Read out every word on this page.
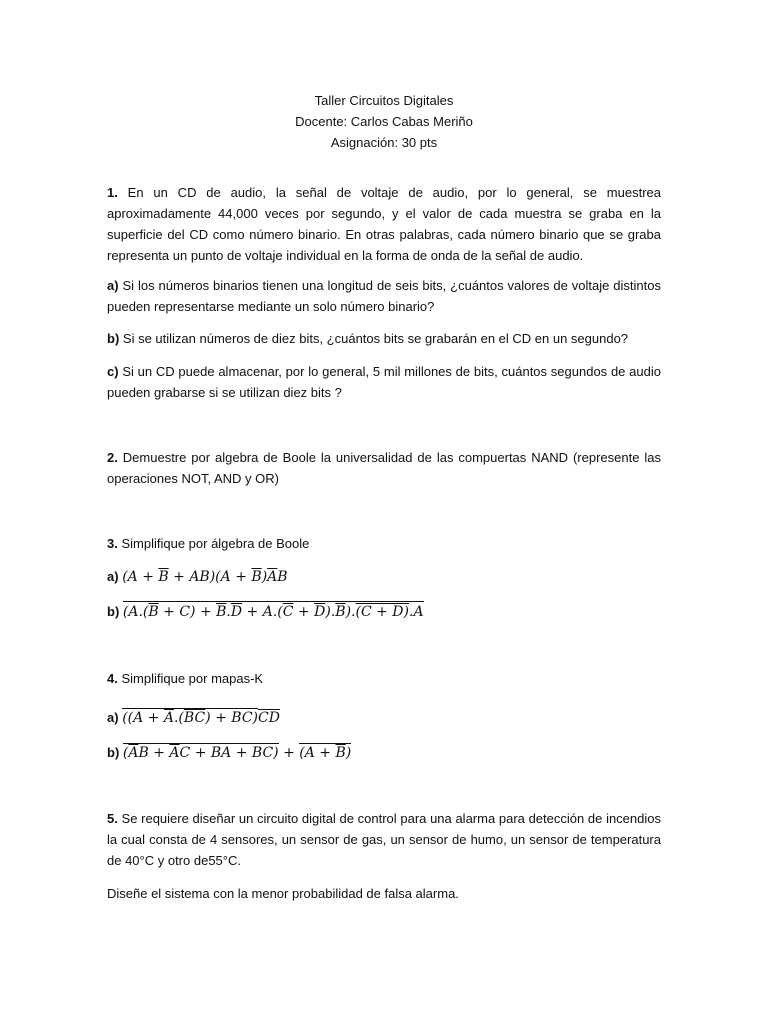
Taller Circuitos Digitales
Docente: Carlos Cabas Meriño
Asignación: 30 pts
1. En un CD de audio, la señal de voltaje de audio, por lo general, se muestrea aproximadamente 44,000 veces por segundo, y el valor de cada muestra se graba en la superficie del CD como número binario. En otras palabras, cada número binario que se graba representa un punto de voltaje individual en la forma de onda de la señal de audio.
a) Si los números binarios tienen una longitud de seis bits, ¿cuántos valores de voltaje distintos pueden representarse mediante un solo número binario?
b) Si se utilizan números de diez bits, ¿cuántos bits se grabarán en el CD en un segundo?
c) Si un CD puede almacenar, por lo general, 5 mil millones de bits, cuántos segundos de audio pueden grabarse si se utilizan diez bits ?
2. Demuestre por algebra de Boole la universalidad de las compuertas NAND (represente las operaciones NOT, AND y OR)
3. Simplifique por álgebra de Boole
a) $(A + \overline{B} + AB)(A + \overline{B})\overline{A}B$
b) $(A.(\overline{B} + C) + \overline{B}.\overline{D} + A.(\overline{C} + \overline{D}).\overline{B}).(C + D).A$
4. Simplifique por mapas-K
a) ($(A + \overline{A}.(BC) + BC)\overline{CD}$
b) ($\overline{A}B + \overline{A}C$ + BA + $BC) + (A + \overline{B})$
5. Se requiere diseñar un circuito digital de control para una alarma para detección de incendios la cual consta de 4 sensores, un sensor de gas, un sensor de humo, un sensor de temperatura de 40°C y otro de55°C.
Diseñe el sistema con la menor probabilidad de falsa alarma.
